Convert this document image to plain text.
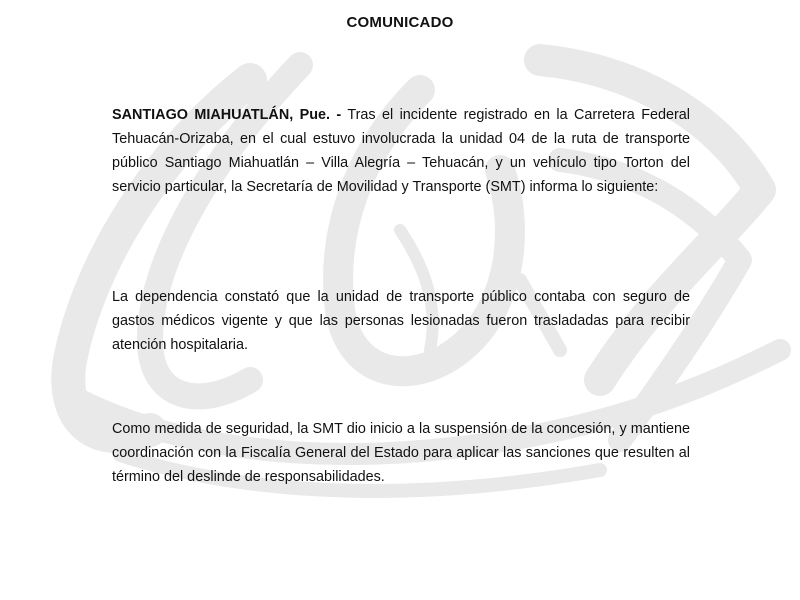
COMUNICADO
SANTIAGO MIAHUATLÁN, Pue. - Tras el incidente registrado en la Carretera Federal Tehuacán-Orizaba, en el cual estuvo involucrada la unidad 04 de la ruta de transporte público Santiago Miahuatlán – Villa Alegría – Tehuacán, y un vehículo tipo Torton del servicio particular, la Secretaría de Movilidad y Transporte (SMT) informa lo siguiente:
La dependencia constató que la unidad de transporte público contaba con seguro de gastos médicos vigente y que las personas lesionadas fueron trasladadas para recibir atención hospitalaria.
Como medida de seguridad, la SMT dio inicio a la suspensión de la concesión, y mantiene coordinación con la Fiscalía General del Estado para aplicar las sanciones que resulten al término del deslinde de responsabilidades.
